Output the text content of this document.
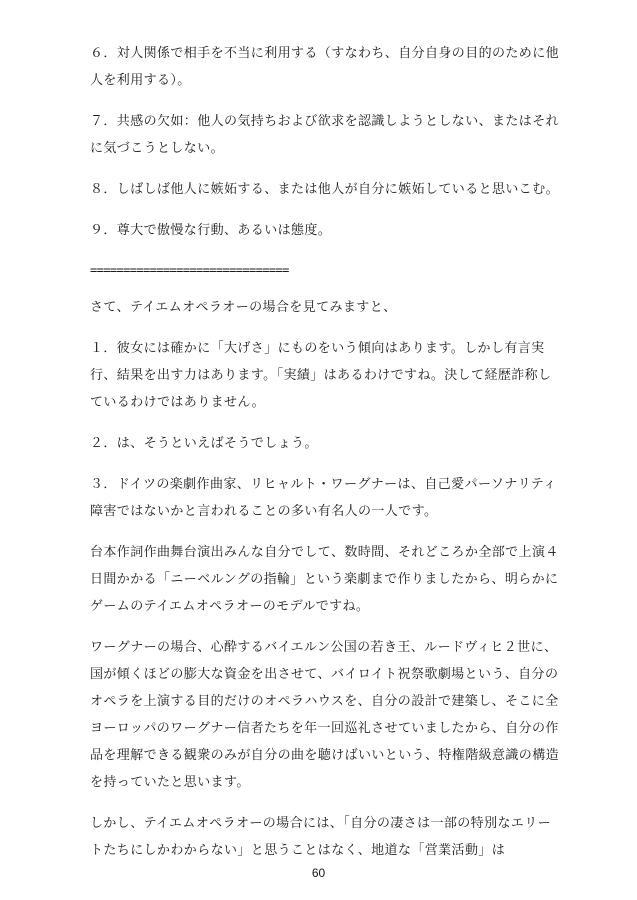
６．対人関係で相手を不当に利用する（すなわち、自分自身の目的のために他人を利用する）。

７．共感の欠如：他人の気持ちおよび欲求を認識しようとしない、またはそれに気づこうとしない。

８．しばしば他人に嫉妬する、または他人が自分に嫉妬していると思いこむ。

９．尊大で傲慢な行動、あるいは態度。

==============================

さて、テイエムオペラオーの場合を見てみますと、

１．彼女には確かに「大げさ」にものをいう傾向はあります。しかし有言実行、結果を出す力はあります。「実績」はあるわけですね。決して経歴詐称しているわけではありません。

２．は、そうといえばそうでしょう。

３．ドイツの楽劇作曲家、リヒャルト・ワーグナーは、自己愛パーソナリティ障害ではないかと言われることの多い有名人の一人です。

台本作詞作曲舞台演出みんな自分でして、数時間、それどころか全部で上演４日間かかる「ニーベルングの指輪」という楽劇まで作りましたから、明らかにゲームのテイエムオペラオーのモデルですね。

ワーグナーの場合、心酔するバイエルン公国の若き王、ルードヴィヒ２世に、国が傾くほどの膨大な資金を出させて、バイロイト祝祭歌劇場という、自分のオペラを上演する目的だけのオペラハウスを、自分の設計で建築し、そこに全ヨーロッパのワーグナー信者たちを年一回巡礼させていましたから、自分の作品を理解できる観衆のみが自分の曲を聴けばいいという、特権階級意識の構造を持っていたと思います。

しかし、テイエムオペラオーの場合には、「自分の凄さは一部の特別なエリートたちにしかわからない」と思うことはなく、地道な「営業活動」は

60
